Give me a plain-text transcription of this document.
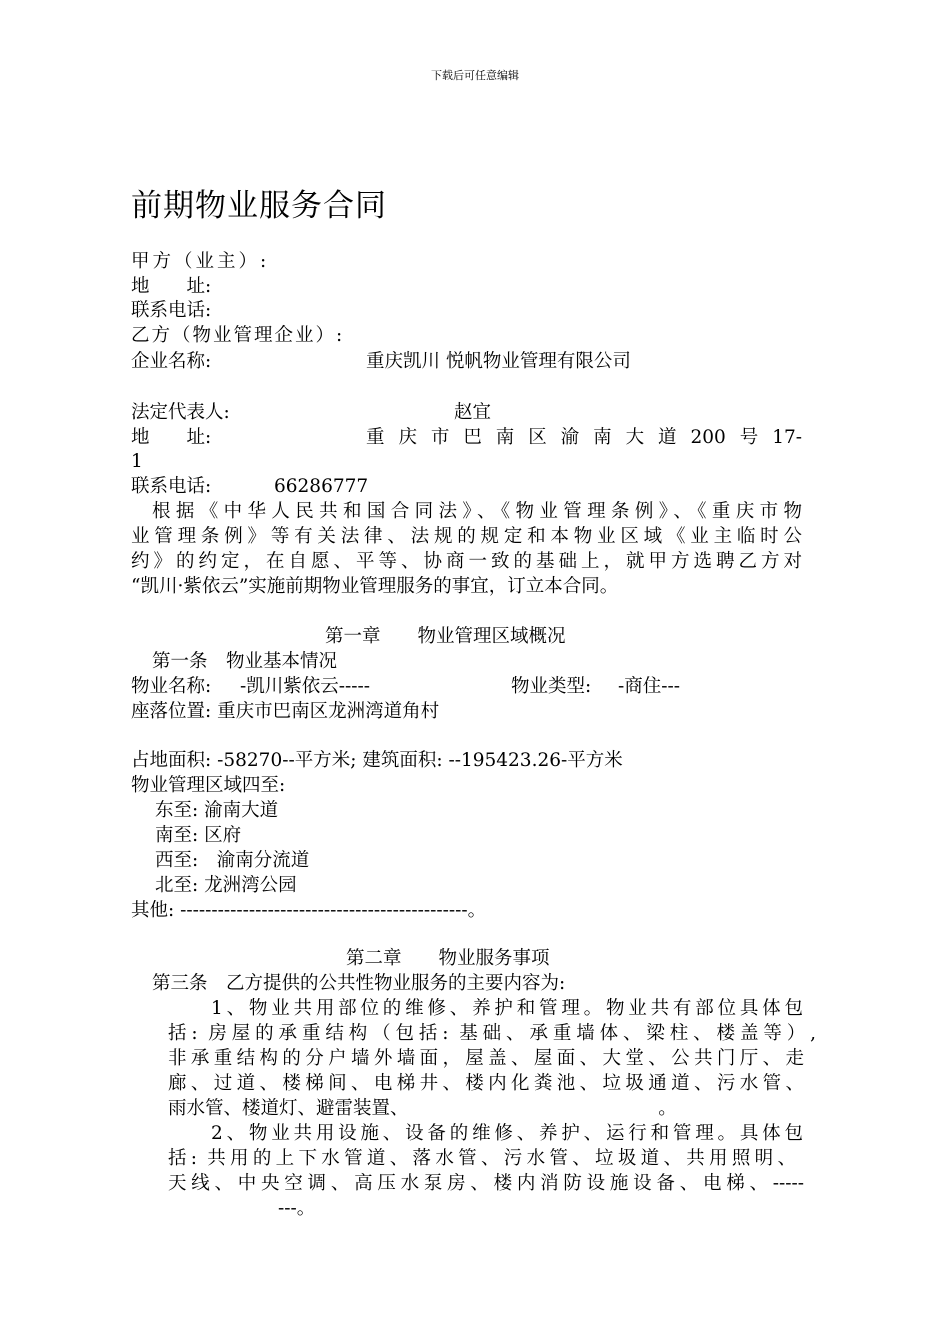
下载后可任意编辑
前期物业服务合同
甲方（业主）:
地　　址:
联系电话:
乙方（物业管理企业）:
企业名称:	重庆凯川 悦帆物业管理有限公司
法定代表人:	赵宜
地　　址:	重庆市巴南区渝南大道200号17-
1
联系电话:	66286777
根据《中华人民共和国合同法》、《物业管理条例》、《重庆市物
业管理条例》等有关法律、法规的规定和本物业区域《业主临时公
约》的约定，在自愿、平等、协商一致的基础上，就甲方选聘乙方对
“凯川·紫依云”实施前期物业管理服务的事宜，订立本合同。
第一章　　物业管理区域概况
第一条　物业基本情况
物业名称: -凯川紫依云-----	物业类型: -商住---
座落位置: 重庆市巴南区龙洲湾道角村
占地面积: -58270--平方米; 建筑面积: --195423.26-平方米
物业管理区域四至:
东至: 渝南大道
南至: 区府
西至:　渝南分流道
北至: 龙洲湾公园
其他: ----------------------------------------------。
第二章　　物业服务事项
第三条　乙方提供的公共性物业服务的主要内容为:
1、物业共用部位的维修、养护和管理。物业共有部位具体包
括: 房屋的承重结构（包括: 基础、承重墙体、梁柱、楼盖等）,
非承重结构的分户墙外墙面，屋盖、屋面、大堂、公共门厅、走
廊、过道、楼梯间、电梯井、楼内化粪池、垃圾通道、污水管、
雨水管、楼道灯、避雷装置、　　　　　　　　　　　　　　。
2、物业共用设施、设备的维修、养护、运行和管理。具体包
括: 共用的上下水管道、落水管、污水管、垃圾道、共用照明、
天线、中央空调、高压水泵房、楼内消防设施设备、电梯、-----
---。
